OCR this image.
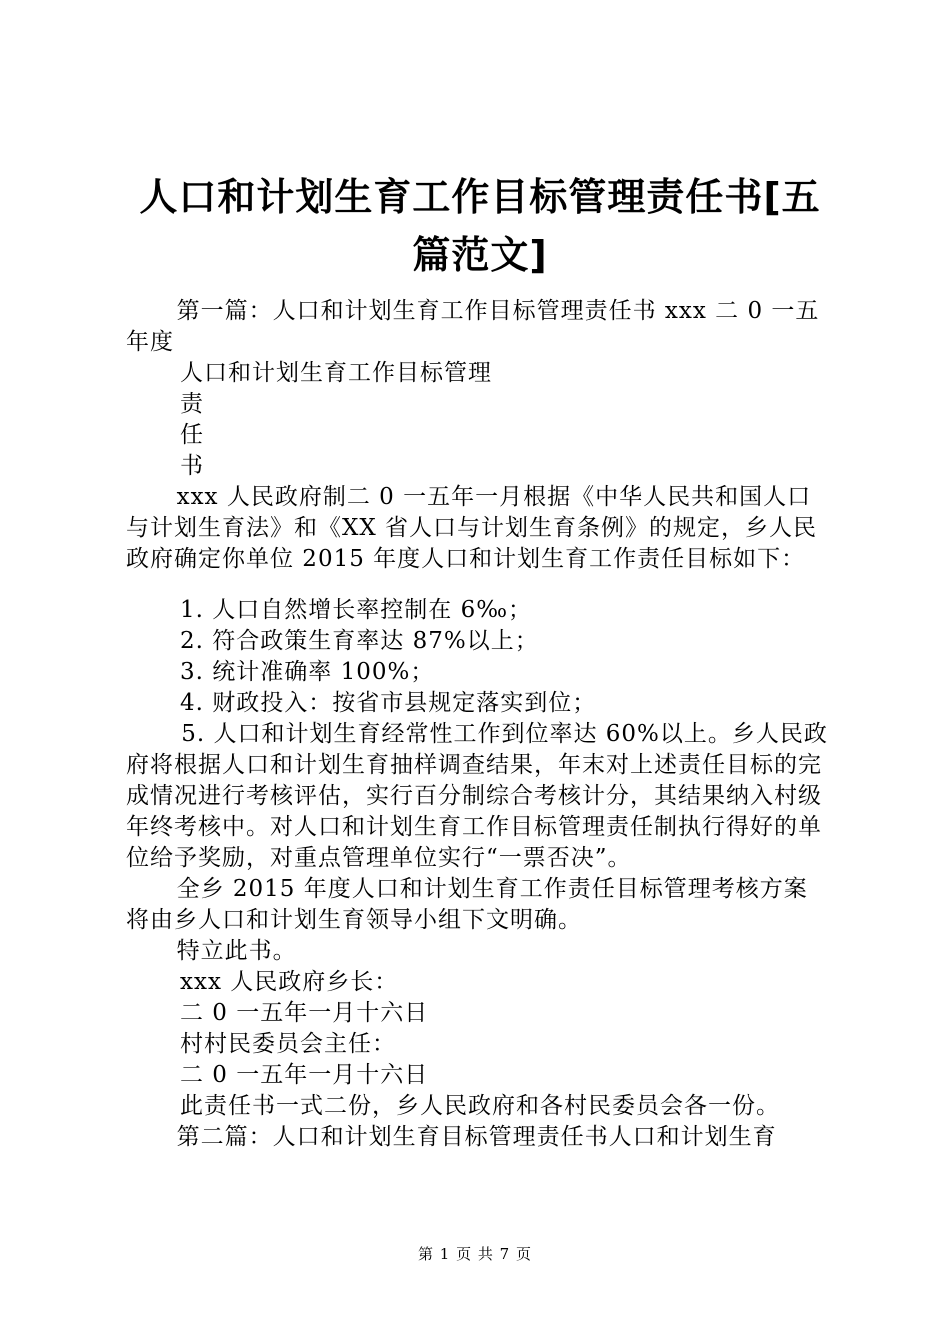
人口和计划生育工作目标管理责任书[五篇范文]

第一篇：人口和计划生育工作目标管理责任书 xxx 二 0 一五年度

人口和计划生育工作目标管理

责

任

书

xxx 人民政府制二 0 一五年一月根据《中华人民共和国人口与计划生育法》和《XX 省人口与计划生育条例》的规定，乡人民政府确定你单位 2015 年度人口和计划生育工作责任目标如下：

1. 人口自然增长率控制在 6‰；

2. 符合政策生育率达 87%以上；

3. 统计准确率 100%；

4. 财政投入：按省市县规定落实到位；

5. 人口和计划生育经常性工作到位率达 60%以上。乡人民政府将根据人口和计划生育抽样调查结果，年末对上述责任目标的完成情况进行考核评估，实行百分制综合考核计分，其结果纳入村级年终考核中。对人口和计划生育工作目标管理责任制执行得好的单位给予奖励，对重点管理单位实行“一票否决”。

全乡 2015 年度人口和计划生育工作责任目标管理考核方案将由乡人口和计划生育领导小组下文明确。

特立此书。

xxx 人民政府乡长：

二 0 一五年一月十六日

村村民委员会主任：

二 0 一五年一月十六日

此责任书一式二份，乡人民政府和各村民委员会各一份。

第二篇：人口和计划生育目标管理责任书人口和计划生育

第 1 页 共 7 页
